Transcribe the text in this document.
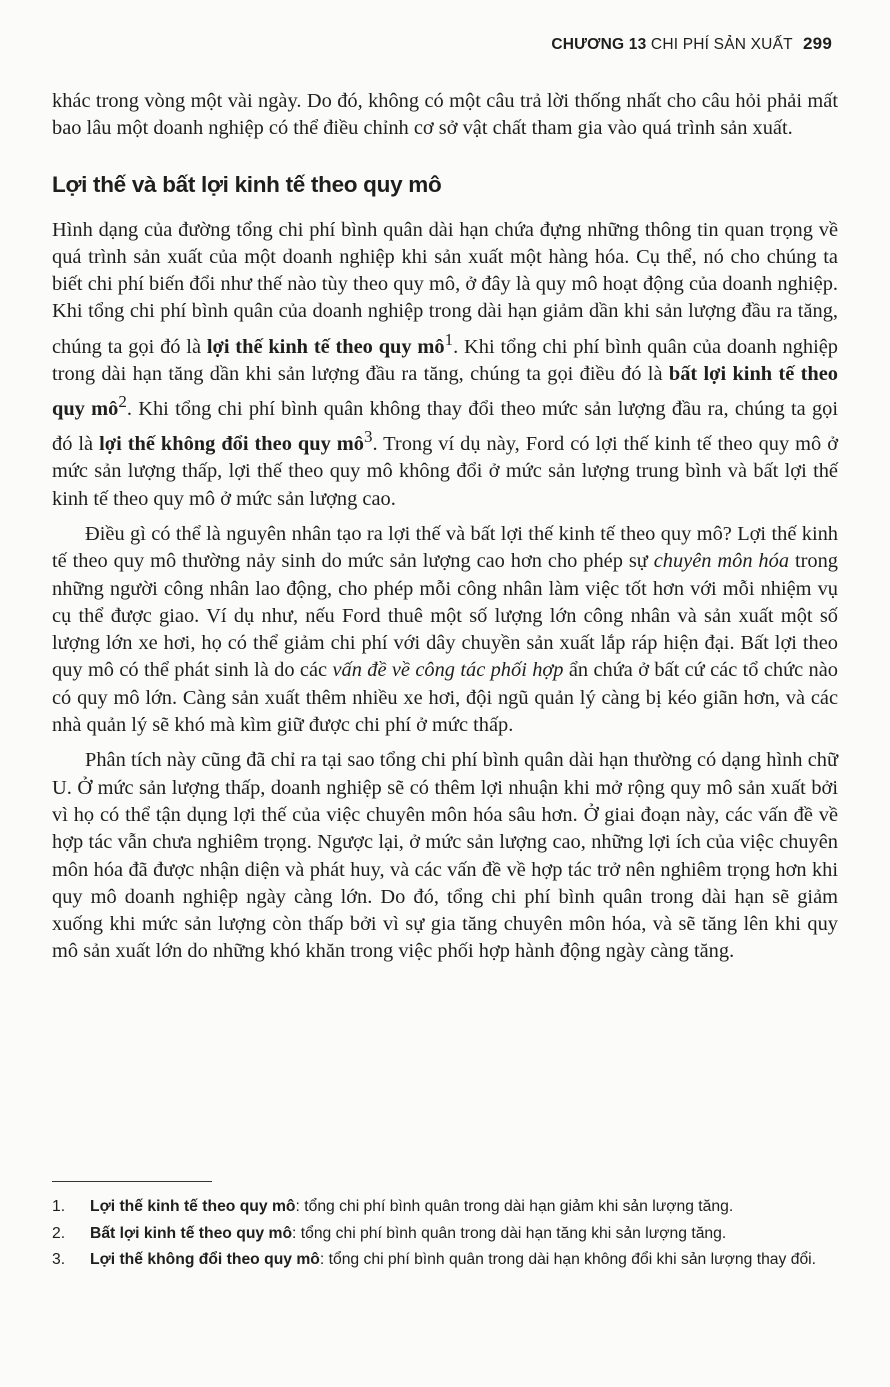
CHƯƠNG 13 CHI PHÍ SẢN XUẤT 299

khác trong vòng một vài ngày. Do đó, không có một câu trả lời thống nhất cho câu hỏi phải mất bao lâu một doanh nghiệp có thể điều chỉnh cơ sở vật chất tham gia vào quá trình sản xuất.

Lợi thế và bất lợi kinh tế theo quy mô

Hình dạng của đường tổng chi phí bình quân dài hạn chứa đựng những thông tin quan trọng về quá trình sản xuất của một doanh nghiệp khi sản xuất một hàng hóa. Cụ thể, nó cho chúng ta biết chi phí biến đổi như thế nào tùy theo quy mô, ở đây là quy mô hoạt động của doanh nghiệp. Khi tổng chi phí bình quân của doanh nghiệp trong dài hạn giảm dần khi sản lượng đầu ra tăng, chúng ta gọi đó là lợi thế kinh tế theo quy $mô^1$. Khi tổng chi phí bình quân của doanh nghiệp trong dài hạn tăng dần khi sản lượng đầu ra tăng, chúng ta gọi điều đó là bất lợi kinh tế theo quy $mô^2$. Khi tổng chi phí bình quân không thay đổi theo mức sản lượng đầu ra, chúng ta gọi đó là lợi thế không đổi theo quy $mô^3$. Trong ví dụ này, Ford có lợi thế kinh tế theo quy mô ở mức sản lượng thấp, lợi thế theo quy mô không đổi ở mức sản lượng trung bình và bất lợi thế kinh tế theo quy mô ở mức sản lượng cao.

Điều gì có thể là nguyên nhân tạo ra lợi thế và bất lợi thế kinh tế theo quy mô? Lợi thế kinh tế theo quy mô thường nảy sinh do mức sản lượng cao hơn cho phép sự chuyên môn hóa trong những người công nhân lao động, cho phép mỗi công nhân làm việc tốt hơn với mỗi nhiệm vụ cụ thể được giao. Ví dụ như, nếu Ford thuê một số lượng lớn công nhân và sản xuất một số lượng lớn xe hơi, họ có thể giảm chi phí với dây chuyền sản xuất lắp ráp hiện đại. Bất lợi theo quy mô có thể phát sinh là do các vấn đề về công tác phối hợp ẩn chứa ở bất cứ các tổ chức nào có quy mô lớn. Càng sản xuất thêm nhiều xe hơi, đội ngũ quản lý càng bị kéo giãn hơn, và các nhà quản lý sẽ khó mà kìm giữ được chi phí ở mức thấp.

Phân tích này cũng đã chỉ ra tại sao tổng chi phí bình quân dài hạn thường có dạng hình chữ U. Ở mức sản lượng thấp, doanh nghiệp sẽ có thêm lợi nhuận khi mở rộng quy mô sản xuất bởi vì họ có thể tận dụng lợi thế của việc chuyên môn hóa sâu hơn. Ở giai đoạn này, các vấn đề về hợp tác vẫn chưa nghiêm trọng. Ngược lại, ở mức sản lượng cao, những lợi ích của việc chuyên môn hóa đã được nhận diện và phát huy, và các vấn đề về hợp tác trở nên nghiêm trọng hơn khi quy mô doanh nghiệp ngày càng lớn. Do đó, tổng chi phí bình quân trong dài hạn sẽ giảm xuống khi mức sản lượng còn thấp bởi vì sự gia tăng chuyên môn hóa, và sẽ tăng lên khi quy mô sản xuất lớn do những khó khăn trong việc phối hợp hành động ngày càng tăng.

1.	Lợi thế kinh tế theo quy mô: tổng chi phí bình quân trong dài hạn giảm khi sản lượng tăng.
2.	Bất lợi kinh tế theo quy mô: tổng chi phí bình quân trong dài hạn tăng khi sản lượng tăng.
3.	Lợi thế không đổi theo quy mô: tổng chi phí bình quân trong dài hạn không đổi khi sản lượng thay đổi.
